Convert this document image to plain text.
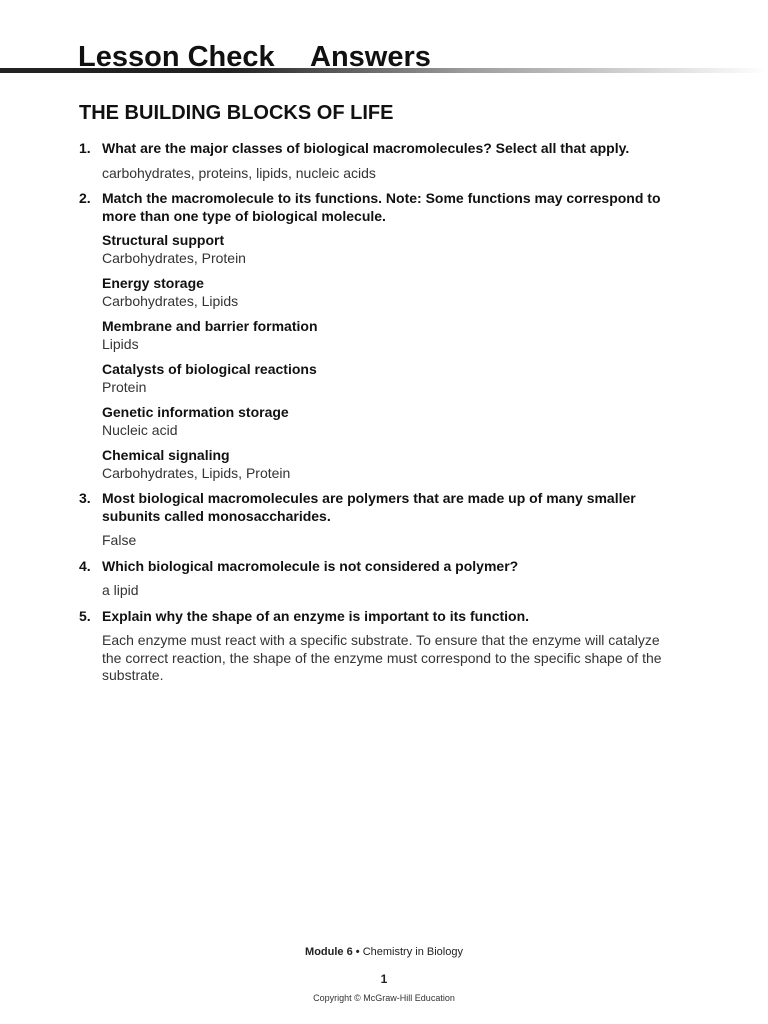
Lesson Check Answers
THE BUILDING BLOCKS OF LIFE
1. What are the major classes of biological macromolecules? Select all that apply.
carbohydrates, proteins, lipids, nucleic acids
2. Match the macromolecule to its functions. Note: Some functions may correspond to more than one type of biological molecule.
Structural support
Carbohydrates, Protein
Energy storage
Carbohydrates, Lipids
Membrane and barrier formation
Lipids
Catalysts of biological reactions
Protein
Genetic information storage
Nucleic acid
Chemical signaling
Carbohydrates, Lipids, Protein
3. Most biological macromolecules are polymers that are made up of many smaller subunits called monosaccharides.
False
4. Which biological macromolecule is not considered a polymer?
a lipid
5. Explain why the shape of an enzyme is important to its function.
Each enzyme must react with a specific substrate. To ensure that the enzyme will catalyze the correct reaction, the shape of the enzyme must correspond to the specific shape of the substrate.
Module 6 • Chemistry in Biology
1
Copyright © McGraw-Hill Education
